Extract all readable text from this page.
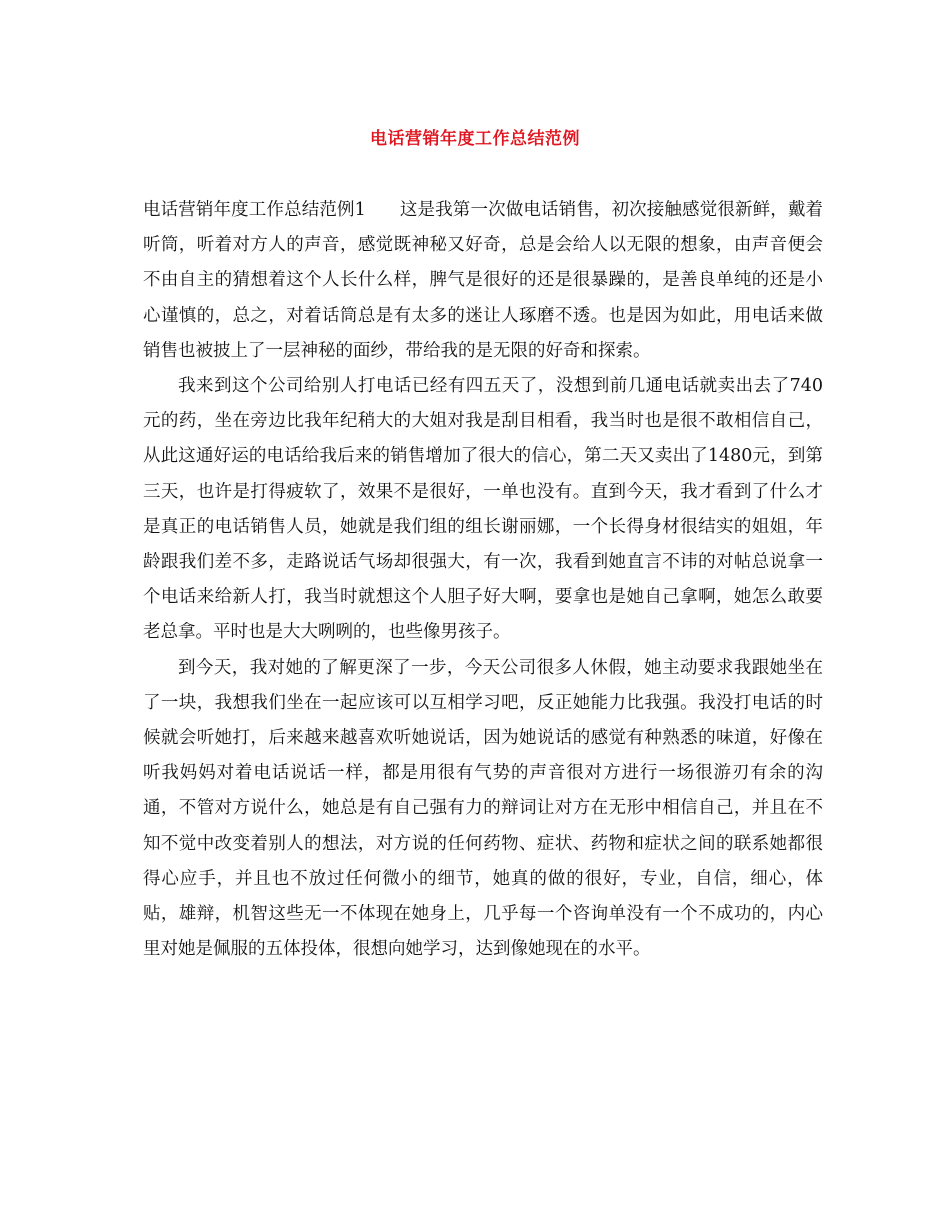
电话营销年度工作总结范例

电话营销年度工作总结范例1 这是我第一次做电话销售，初次接触感觉很新鲜，戴着听筒，听着对方人的声音，感觉既神秘又好奇，总是会给人以无限的想象，由声音便会不由自主的猜想着这个人长什么样，脾气是很好的还是很暴躁的，是善良单纯的还是小心谨慎的，总之，对着话筒总是有太多的迷让人琢磨不透。也是因为如此，用电话来做销售也被披上了一层神秘的面纱，带给我的是无限的好奇和探索。

我来到这个公司给别人打电话已经有四五天了，没想到前几通电话就卖出去了740元的药，坐在旁边比我年纪稍大的大姐对我是刮目相看，我当时也是很不敢相信自己，从此这通好运的电话给我后来的销售增加了很大的信心，第二天又卖出了1480元，到第三天，也许是打得疲软了，效果不是很好，一单也没有。直到今天，我才看到了什么才是真正的电话销售人员，她就是我们组的组长谢丽娜，一个长得身材很结实的姐姐，年龄跟我们差不多，走路说话气场却很强大，有一次，我看到她直言不讳的对帖总说拿一个电话来给新人打，我当时就想这个人胆子好大啊，要拿也是她自己拿啊，她怎么敢要老总拿。平时也是大大咧咧的，也些像男孩子。

到今天，我对她的了解更深了一步，今天公司很多人休假，她主动要求我跟她坐在了一块，我想我们坐在一起应该可以互相学习吧，反正她能力比我强。我没打电话的时候就会听她打，后来越来越喜欢听她说话，因为她说话的感觉有种熟悉的味道，好像在听我妈妈对着电话说话一样，都是用很有气势的声音很对方进行一场很游刃有余的沟通，不管对方说什么，她总是有自己强有力的辩词让对方在无形中相信自己，并且在不知不觉中改变着别人的想法，对方说的任何药物、症状、药物和症状之间的联系她都很得心应手，并且也不放过任何微小的细节，她真的做的很好，专业，自信，细心，体贴，雄辩，机智这些无一不体现在她身上，几乎每一个咨询单没有一个不成功的，内心里对她是佩服的五体投体，很想向她学习，达到像她现在的水平。
